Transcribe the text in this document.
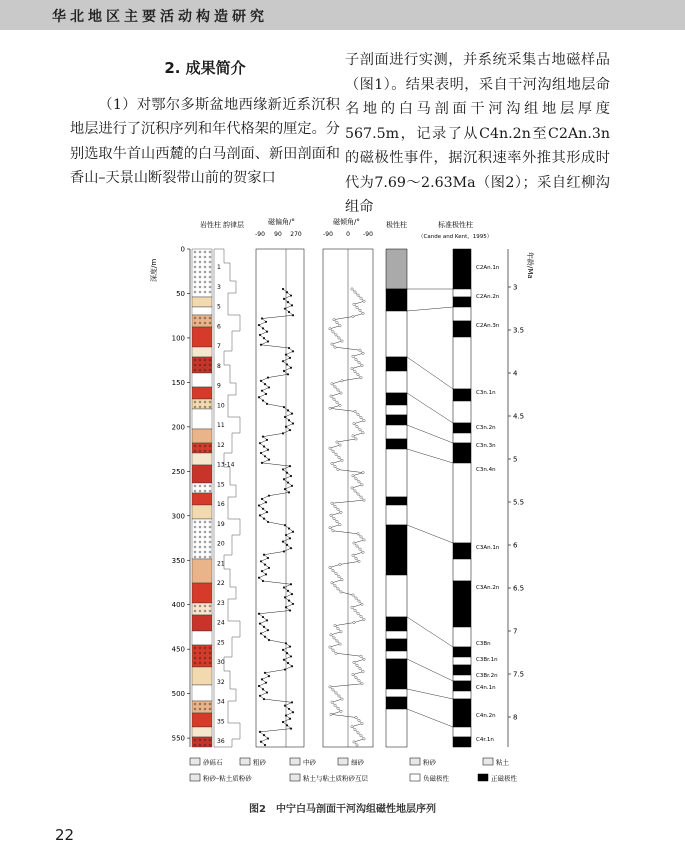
华北地区主要活动构造研究
2. 成果简介

（1）对鄂尔多斯盆地西缘新近系沉积地层进行了沉积序列和年代格架的厘定。分别选取牛首山西麓的白马剖面、新田剖面和香山–天景山断裂带山前的贺家口

子剖面进行实测，并系统采集古地磁样品（图1）。结果表明，采自干河沟组地层命名地的白马剖面干河沟组地层厚度567.5m，记录了从C4n.2n至C2An.3n的磁极性事件，据沉积速率外推其形成时代为7.69～2.63Ma（图2）；采自红柳沟组命

岩性柱 韵律层	磁偏角/°	磁倾角/°	极性柱	标准极性柱
（Cande and Kent，1995）
-90 90 270	-90 0 -90
深度/m	年龄/Ma
0
50
100
150
200
250
300
350
400
450
500
550
1
3
5
6
7
8
9
10
11
12
13-14
15
16
19
20
21
22
23
24
25
30
32
34
35
36
C2An.1n
C2An.2n
C2An.3n
C3n.1n
C3n.2n
C3n.3n
C3n.4n
C3An.1n
C3An.2n
C3Bn
C3Br.1n
C3Br.2n
C4n.1n
C4n.2n
C4r.1n
3
3.5
4
4.5
5
5.5
6
6.5
7
7.5
8
砂砾石	粗砂	中砂	细砂	粉砂	粘土
粉砂–粘土质粉砂	粘土与粘土质粉砂互层	负磁极性	正磁极性
图2　中宁白马剖面干河沟组磁性地层序列
22
